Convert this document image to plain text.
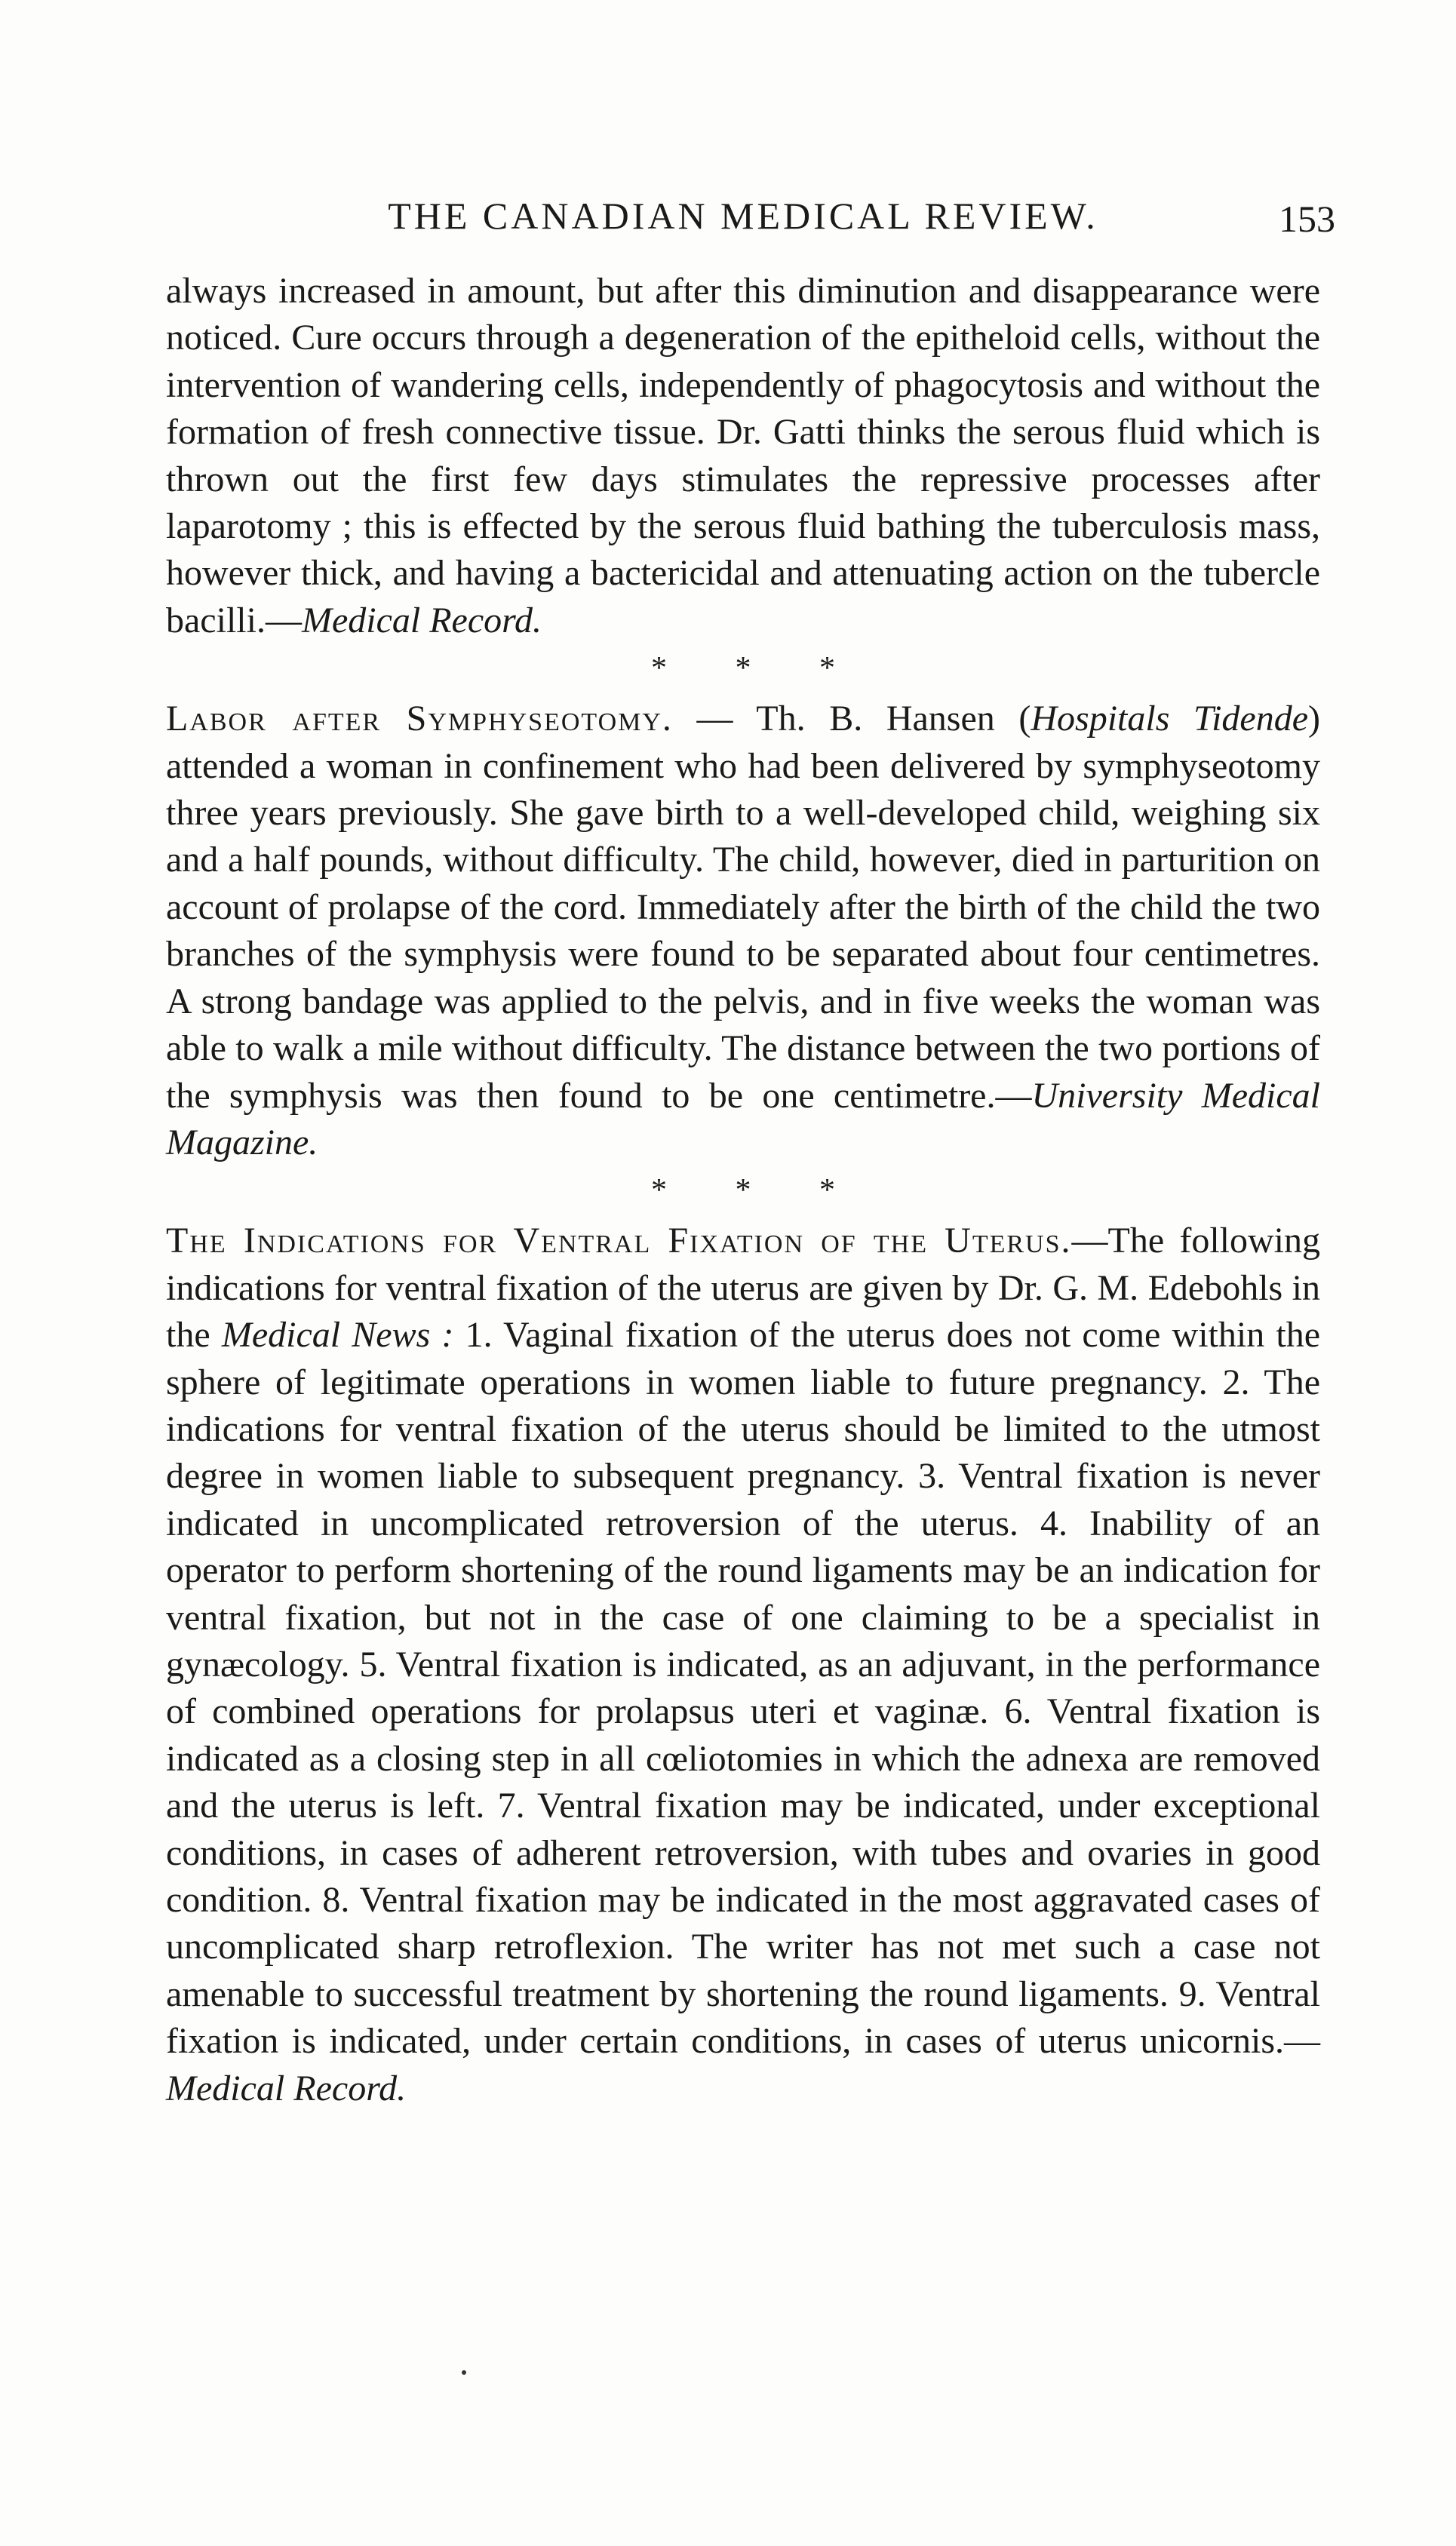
THE CANADIAN MEDICAL REVIEW.	153

always increased in amount, but after this diminution and disappearance were noticed. Cure occurs through a degeneration of the epitheloid cells, without the intervention of wandering cells, independently of phagocytosis and without the formation of fresh connective tissue. Dr. Gatti thinks the serous fluid which is thrown out the first few days stimulates the repressive processes after laparotomy ; this is effected by the serous fluid bathing the tuberculosis mass, however thick, and having a bactericidal and attenuating action on the tubercle bacilli.—Medical Record.

* * *

Labor after Symphyseotomy. — Th. B. Hansen (Hospitals Tidende) attended a woman in confinement who had been delivered by symphyseotomy three years previously. She gave birth to a well-developed child, weighing six and a half pounds, without difficulty. The child, however, died in parturition on account of prolapse of the cord. Immediately after the birth of the child the two branches of the symphysis were found to be separated about four centimetres. A strong bandage was applied to the pelvis, and in five weeks the woman was able to walk a mile without difficulty. The distance between the two portions of the symphysis was then found to be one centimetre.—University Medical Magazine.

* * *

The Indications for Ventral Fixation of the Uterus.—The following indications for ventral fixation of the uterus are given by Dr. G. M. Edebohls in the Medical News : 1. Vaginal fixation of the uterus does not come within the sphere of legitimate operations in women liable to future pregnancy. 2. The indications for ventral fixation of the uterus should be limited to the utmost degree in women liable to subsequent pregnancy. 3. Ventral fixation is never indicated in uncomplicated retroversion of the uterus. 4. Inability of an operator to perform shortening of the round ligaments may be an indication for ventral fixation, but not in the case of one claiming to be a specialist in gynæcology. 5. Ventral fixation is indicated, as an adjuvant, in the performance of combined operations for prolapsus uteri et vaginæ. 6. Ventral fixation is indicated as a closing step in all cœliotomies in which the adnexa are removed and the uterus is left. 7. Ventral fixation may be indicated, under exceptional conditions, in cases of adherent retroversion, with tubes and ovaries in good condition. 8. Ventral fixation may be indicated in the most aggravated cases of uncomplicated sharp retroflexion. The writer has not met such a case not amenable to successful treatment by shortening the round ligaments. 9. Ventral fixation is indicated, under certain conditions, in cases of uterus unicornis.—Medical Record.
